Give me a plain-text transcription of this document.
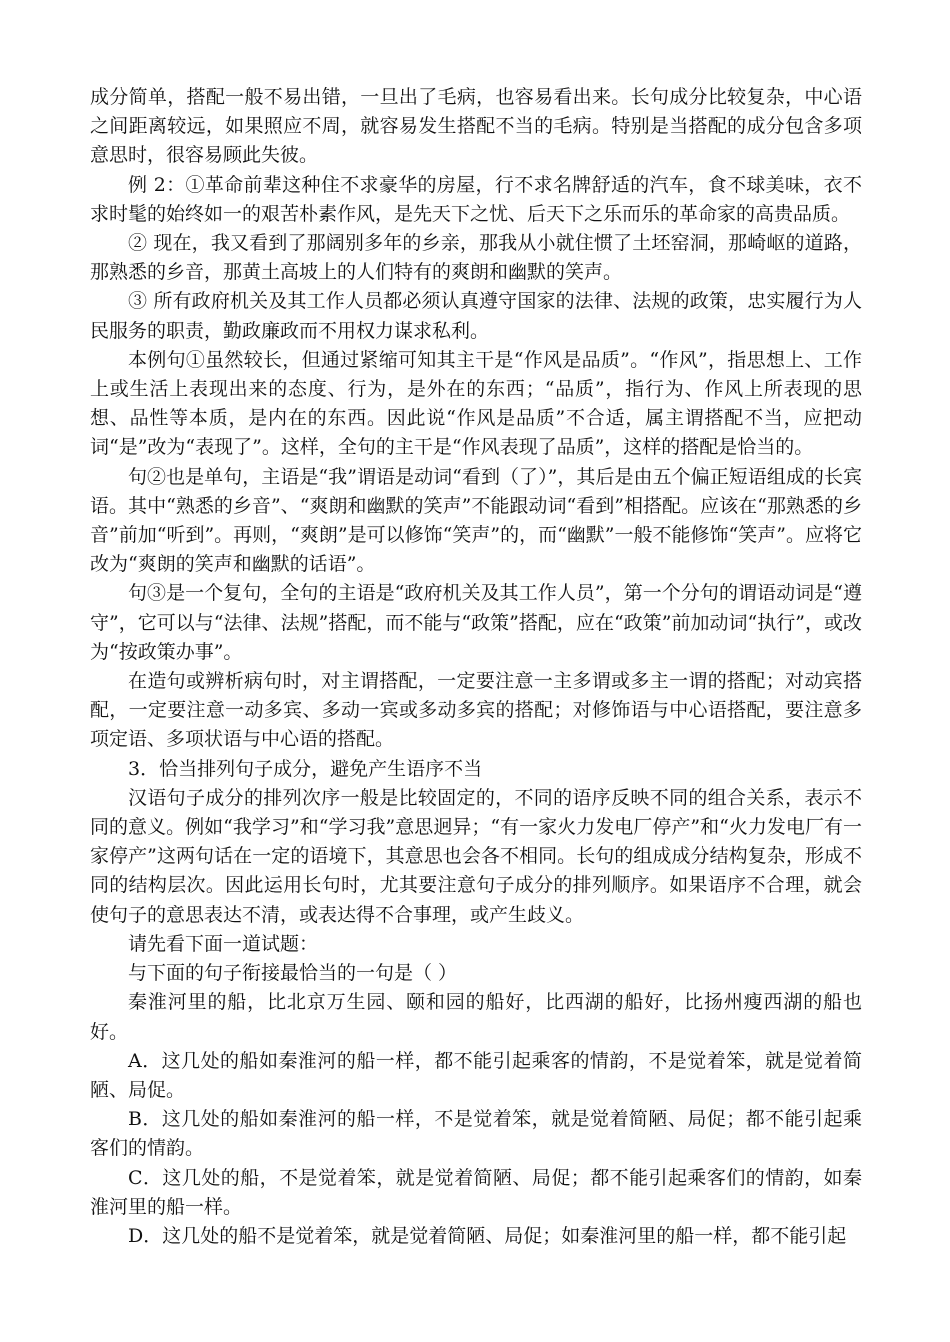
成分简单，搭配一般不易出错，一旦出了毛病，也容易看出来。长句成分比较复杂，中心语之间距离较远，如果照应不周，就容易发生搭配不当的毛病。特别是当搭配的成分包含多项意思时，很容易顾此失彼。

例 2：①革命前辈这种住不求豪华的房屋，行不求名牌舒适的汽车，食不球美味，衣不求时髦的始终如一的艰苦朴素作风，是先天下之忧、后天下之乐而乐的革命家的高贵品质。

② 现在，我又看到了那阔别多年的乡亲，那我从小就住惯了土坯窑洞，那崎岖的道路，那熟悉的乡音，那黄土高坡上的人们特有的爽朗和幽默的笑声。

③ 所有政府机关及其工作人员都必须认真遵守国家的法律、法规的政策，忠实履行为人民服务的职责，勤政廉政而不用权力谋求私利。

本例句①虽然较长，但通过紧缩可知其主干是“作风是品质”。“作风”，指思想上、工作上或生活上表现出来的态度、行为，是外在的东西；“品质”，指行为、作风上所表现的思想、品性等本质，是内在的东西。因此说“作风是品质”不合适，属主谓搭配不当，应把动词“是”改为“表现了”。这样，全句的主干是“作风表现了品质”，这样的搭配是恰当的。

句②也是单句，主语是“我”谓语是动词“看到（了）”，其后是由五个偏正短语组成的长宾语。其中“熟悉的乡音”、“爽朗和幽默的笑声”不能跟动词“看到”相搭配。应该在“那熟悉的乡音”前加“听到”。再则，“爽朗”是可以修饰“笑声”的，而“幽默”一般不能修饰“笑声”。应将它改为“爽朗的笑声和幽默的话语”。

句③是一个复句，全句的主语是“政府机关及其工作人员”，第一个分句的谓语动词是“遵守”，它可以与“法律、法规”搭配，而不能与“政策”搭配，应在“政策”前加动词“执行”，或改为“按政策办事”。

在造句或辨析病句时，对主谓搭配，一定要注意一主多谓或多主一谓的搭配；对动宾搭配，一定要注意一动多宾、多动一宾或多动多宾的搭配；对修饰语与中心语搭配，要注意多项定语、多项状语与中心语的搭配。

3．恰当排列句子成分，避免产生语序不当

汉语句子成分的排列次序一般是比较固定的，不同的语序反映不同的组合关系，表示不同的意义。例如“我学习”和“学习我”意思迥异；“有一家火力发电厂停产”和“火力发电厂有一家停产”这两句话在一定的语境下，其意思也会各不相同。长句的组成成分结构复杂，形成不同的结构层次。因此运用长句时，尤其要注意句子成分的排列顺序。如果语序不合理，就会使句子的意思表达不清，或表达得不合事理，或产生歧义。

请先看下面一道试题：

与下面的句子衔接最恰当的一句是（ ）

秦淮河里的船，比北京万生园、颐和园的船好，比西湖的船好，比扬州瘦西湖的船也好。

A．这几处的船如秦淮河的船一样，都不能引起乘客的情韵，不是觉着笨，就是觉着简陋、局促。

B．这几处的船如秦淮河的船一样，不是觉着笨，就是觉着简陋、局促；都不能引起乘客们的情韵。

C．这几处的船，不是觉着笨，就是觉着简陋、局促；都不能引起乘客们的情韵，如秦淮河里的船一样。

D．这几处的船不是觉着笨，就是觉着简陋、局促；如秦淮河里的船一样，都不能引起
